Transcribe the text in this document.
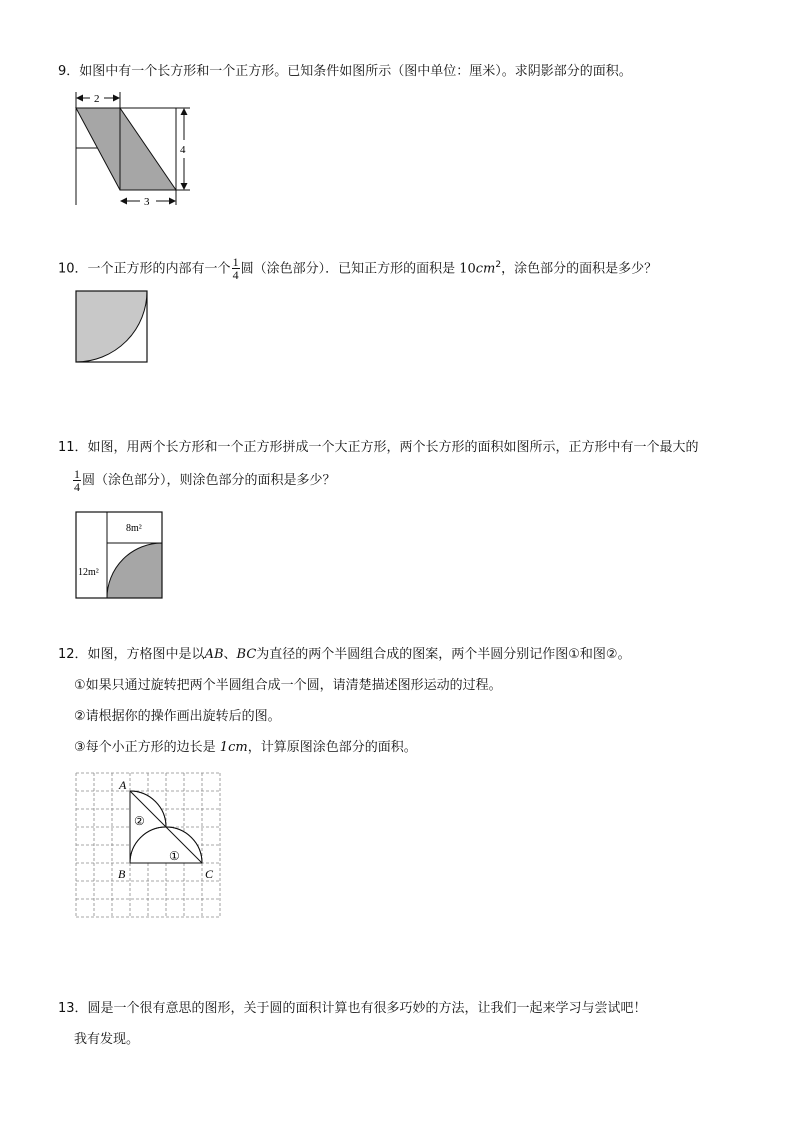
9．如图中有一个长方形和一个正方形。已知条件如图所示（图中单位：厘米）。求阴影部分的面积。
2
4
3
10．一个正方形的内部有一个 $\frac{1}{4}$ 圆（涂色部分）．已知正方形的面积是 $10cm^2$，涂色部分的面积是多少？
11．如图，用两个长方形和一个正方形拼成一个大正方形，两个长方形的面积如图所示，正方形中有一个最大的
$\frac{1}{4}$ 圆（涂色部分），则涂色部分的面积是多少？
8m²
12m²
12．如图，方格图中是以AB、BC为直径的两个半圆组合成的图案，两个半圆分别记作图①和图②。
①如果只通过旋转把两个半圆组合成一个圆，请清楚描述图形运动的过程。
②请根据你的操作画出旋转后的图。
③每个小正方形的边长是 1cm，计算原图涂色部分的面积。
A
B	C
②
①
13．圆是一个很有意思的图形，关于圆的面积计算也有很多巧妙的方法，让我们一起来学习与尝试吧！
我有发现。
